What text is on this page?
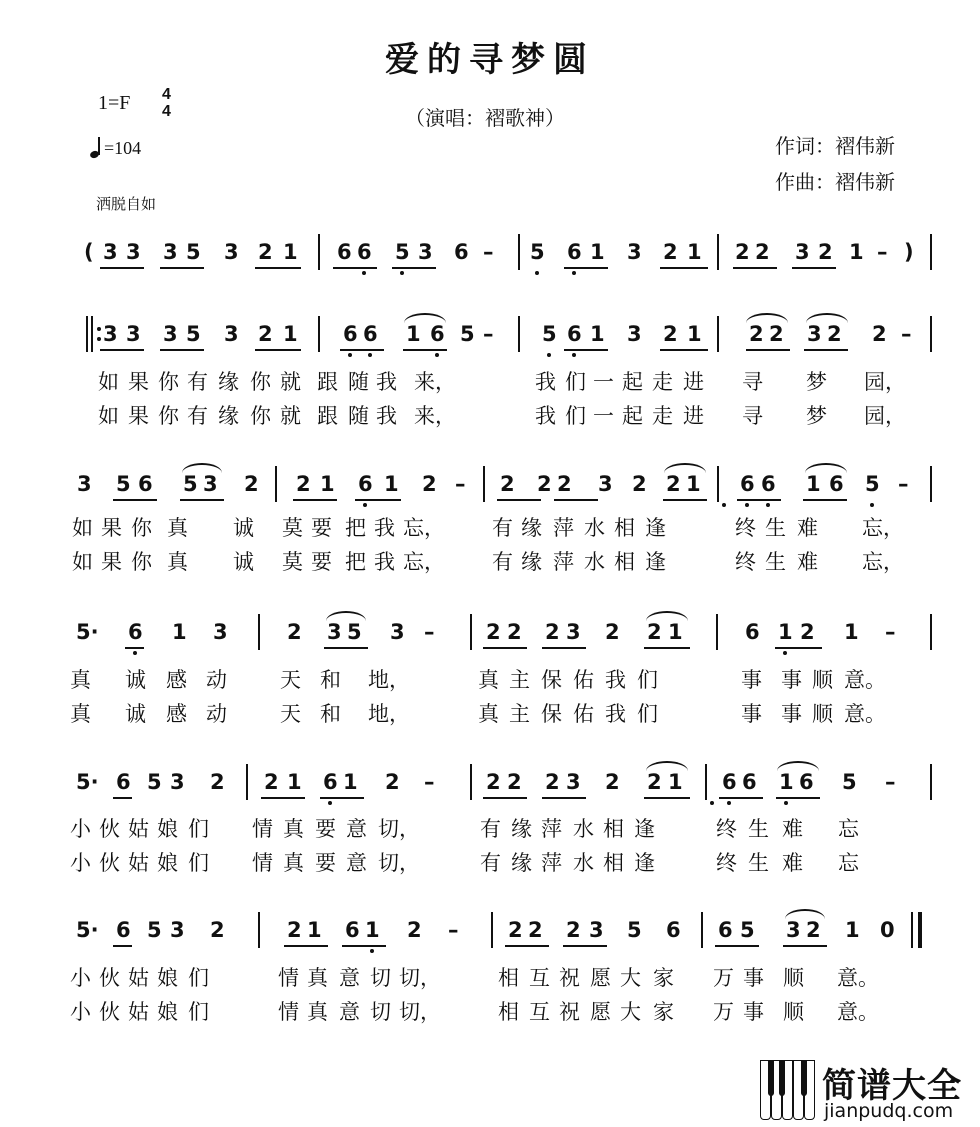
爱的寻梦圆
1=F 4
4
=104
洒脱自如
（演唱：褶歌神）
作词：褶伟新
作曲：褶伟新
( 3 3 3 5 3 2 1 6 6 5 3 6 – 5 6 1 3 2 1 2 2 3 2 1 – )
3 3 3 5 3 2 1 6 6 1 6 5 – 5 6 1 3 2 1 2 2 3 2 2 –
如 果 你 有 缘 你 就 跟 随 我 来，	我 们 一 起 走 进 寻 梦 园，
如 果 你 有 缘 你 就 跟 随 我 来，	我 们 一 起 走 进 寻 梦 园，
3 5 6 5 3 2 2 1 6 1 2 – 2 2 2 3 2 2 1 6 6 1 6 5 –
如 果 你 真 诚 莫 要 把 我 忘， 有 缘 萍 水 相 逢	终 生 难 忘，
如 果 你 真 诚 莫 要 把 我 忘， 有 缘 萍 水 相 逢	终 生 难 忘，
5· 6 1 3	2 3 5 3 – 2 2 2 3 2 2 1	6 1 2 1 –
真 诚 感 动	天 和 地，	真 主 保 佑 我 们	事 事 顺 意。
真 诚 感 动	天 和 地，	真 主 保 佑 我 们	事 事 顺 意。
5· 6 5 3 2 2 1 6 1 2 – 2 2 2 3 2 2 1 6 6 1 6 5 –
小 伙 姑 娘 们 情 真 要 意 切，	有 缘 萍 水 相 逢	终 生 难 忘
小 伙 姑 娘 们 情 真 要 意 切，	有 缘 萍 水 相 逢	终 生 难 忘
5· 6 5 3 2	2 1 6 1 2 – 2 2 2 3 5 6 6 5 3 2 1 0
小 伙 姑 娘 们	情 真 意 切 切，	相 互 祝 愿 大 家 万 事 顺 意。
小 伙 姑 娘 们	情 真 意 切 切，	相 互 祝 愿 大 家 万 事 顺 意。
简谱大全
jianpudq.com
